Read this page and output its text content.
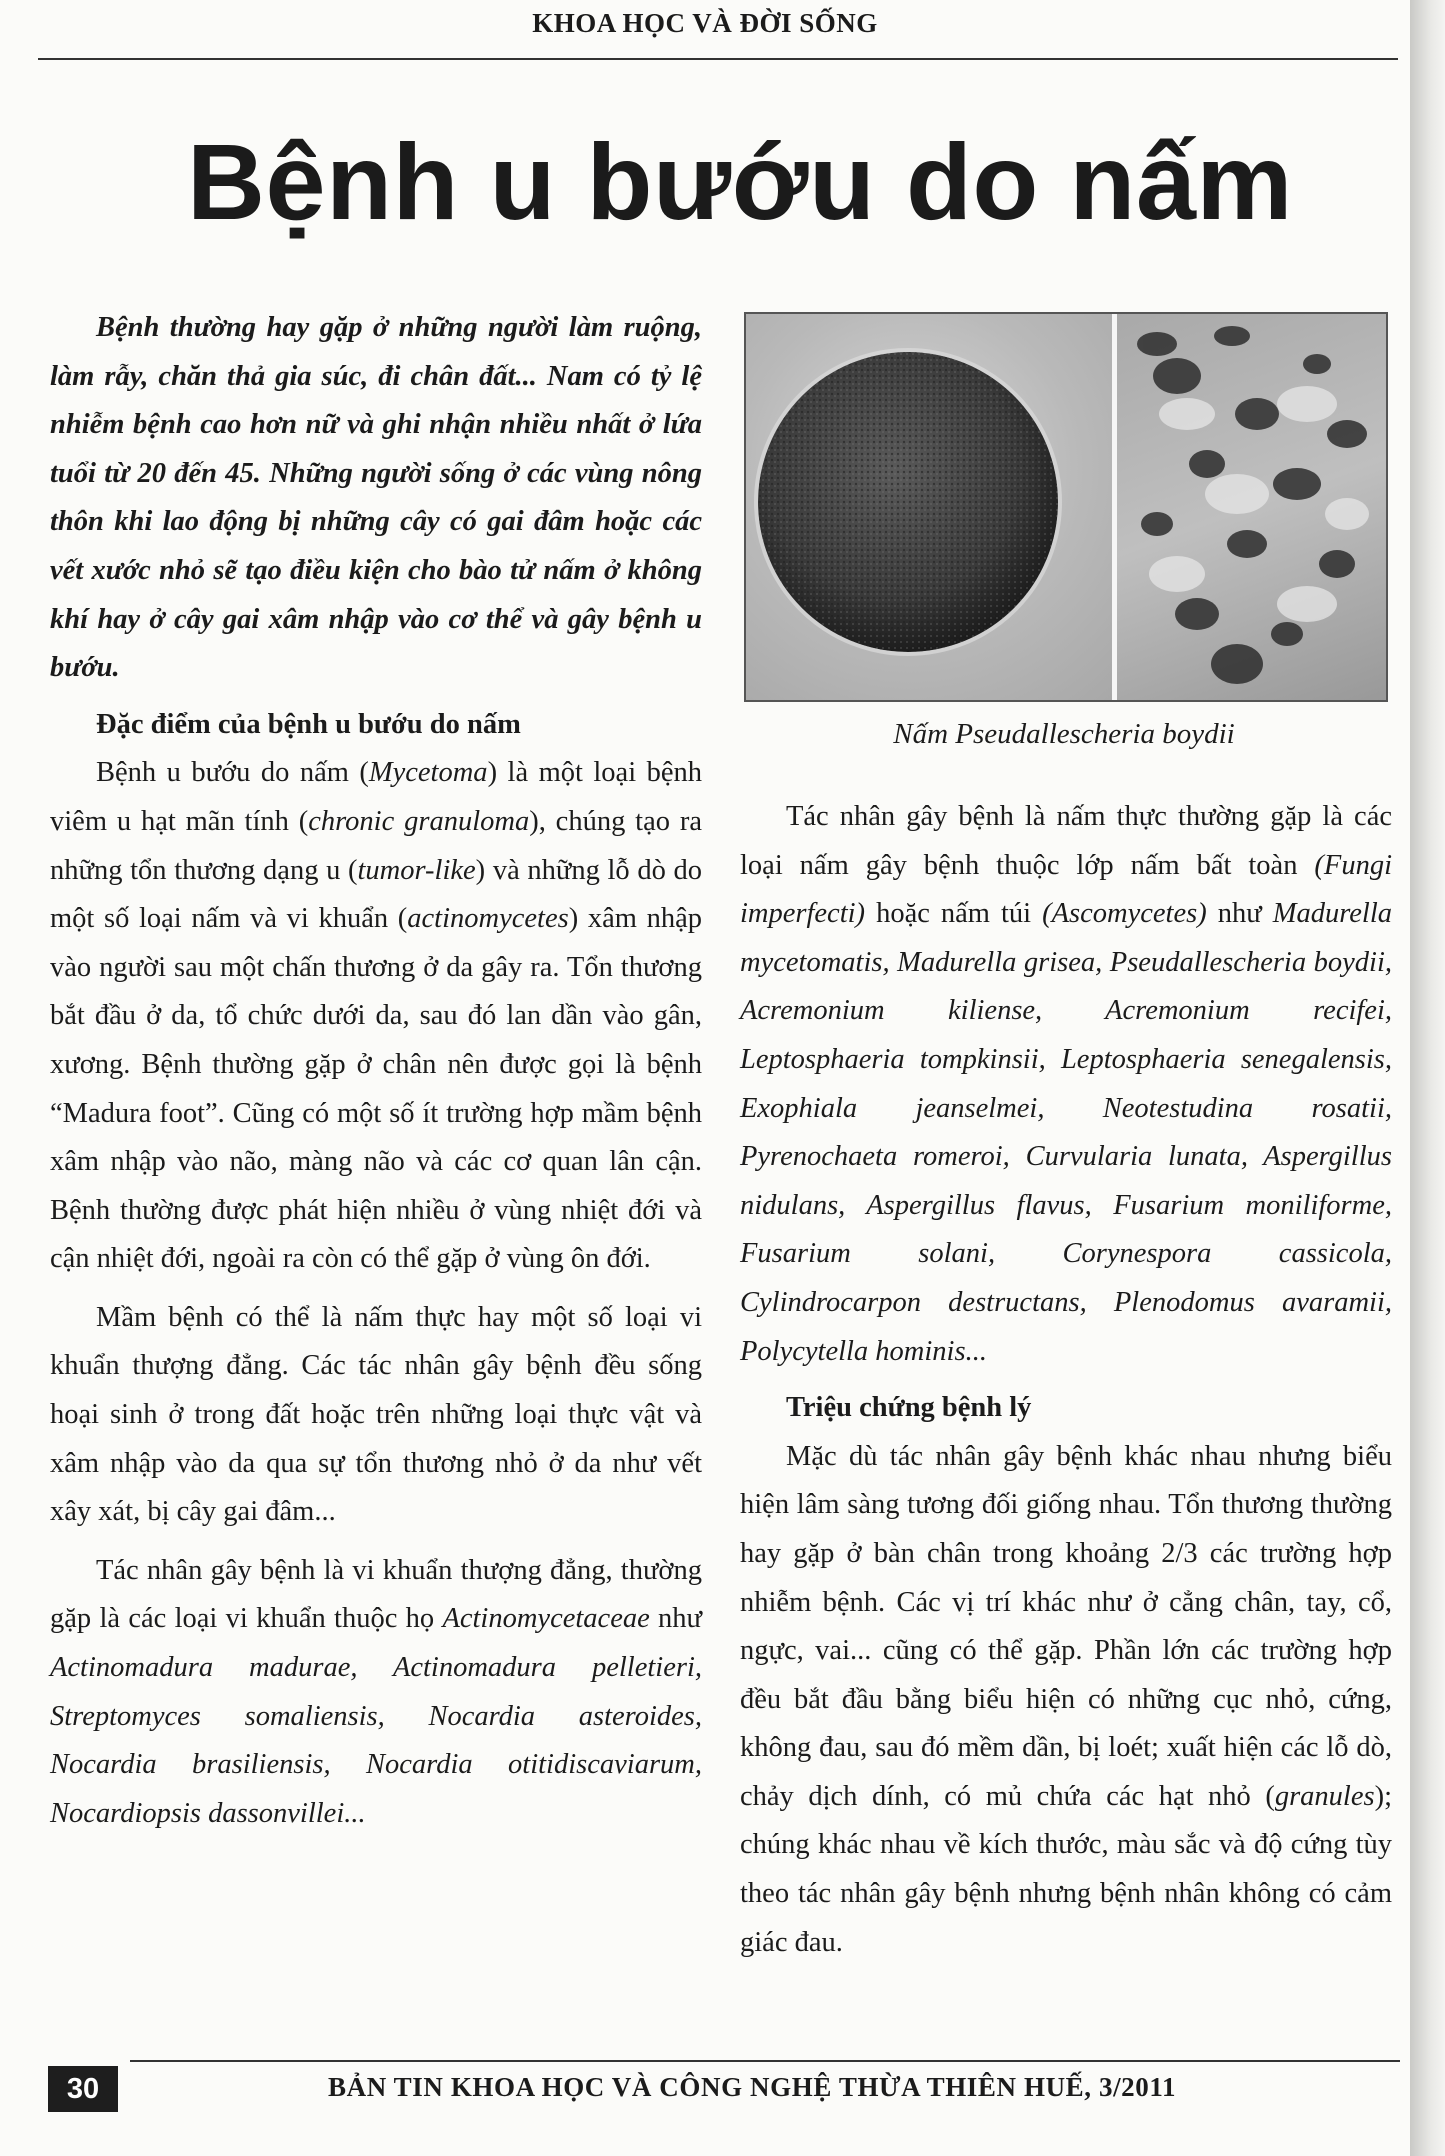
KHOA HỌC VÀ ĐỜI SỐNG
Bệnh u bướu do nấm

Bệnh thường hay gặp ở những người làm ruộng, làm rẫy, chăn thả gia súc, đi chân đất... Nam có tỷ lệ nhiễm bệnh cao hơn nữ và ghi nhận nhiều nhất ở lứa tuổi từ 20 đến 45. Những người sống ở các vùng nông thôn khi lao động bị những cây có gai đâm hoặc các vết xước nhỏ sẽ tạo điều kiện cho bào tử nấm ở không khí hay ở cây gai xâm nhập vào cơ thể và gây bệnh u bướu.

Đặc điểm của bệnh u bướu do nấm

Bệnh u bướu do nấm (Mycetoma) là một loại bệnh viêm u hạt mãn tính (chronic granuloma), chúng tạo ra những tổn thương dạng u (tumor-like) và những lỗ dò do một số loại nấm và vi khuẩn (actinomycetes) xâm nhập vào người sau một chấn thương ở da gây ra. Tổn thương bắt đầu ở da, tổ chức dưới da, sau đó lan dần vào gân, xương. Bệnh thường gặp ở chân nên được gọi là bệnh “Madura foot”. Cũng có một số ít trường hợp mầm bệnh xâm nhập vào não, màng não và các cơ quan lân cận. Bệnh thường được phát hiện nhiều ở vùng nhiệt đới và cận nhiệt đới, ngoài ra còn có thể gặp ở vùng ôn đới.

Mầm bệnh có thể là nấm thực hay một số loại vi khuẩn thượng đẳng. Các tác nhân gây bệnh đều sống hoại sinh ở trong đất hoặc trên những loại thực vật và xâm nhập vào da qua sự tổn thương nhỏ ở da như vết xây xát, bị cây gai đâm...

Tác nhân gây bệnh là vi khuẩn thượng đẳng, thường gặp là các loại vi khuẩn thuộc họ Actinomycetaceae như Actinomadura madurae, Actinomadura pelletieri, Streptomyces somaliensis, Nocardia asteroides, Nocardia brasiliensis, Nocardia otitidiscaviarum, Nocardiopsis dassonvillei...

Nấm Pseudallescheria boydii

Tác nhân gây bệnh là nấm thực thường gặp là các loại nấm gây bệnh thuộc lớp nấm bất toàn (Fungi imperfecti) hoặc nấm túi (Ascomycetes) như Madurella mycetomatis, Madurella grisea, Pseudallescheria boydii, Acremonium kiliense, Acremonium recifei, Leptosphaeria tompkinsii, Leptosphaeria senegalensis, Exophiala jeanselmei, Neotestudina rosatii, Pyrenochaeta romeroi, Curvularia lunata, Aspergillus nidulans, Aspergillus flavus, Fusarium moniliforme, Fusarium solani, Corynespora cassicola, Cylindrocarpon destructans, Plenodomus avaramii, Polycytella hominis...

Triệu chứng bệnh lý

Mặc dù tác nhân gây bệnh khác nhau nhưng biểu hiện lâm sàng tương đối giống nhau. Tổn thương thường hay gặp ở bàn chân trong khoảng 2/3 các trường hợp nhiễm bệnh. Các vị trí khác như ở cẳng chân, tay, cổ, ngực, vai... cũng có thể gặp. Phần lớn các trường hợp đều bắt đầu bằng biểu hiện có những cục nhỏ, cứng, không đau, sau đó mềm dần, bị loét; xuất hiện các lỗ dò, chảy dịch dính, có mủ chứa các hạt nhỏ (granules); chúng khác nhau về kích thước, màu sắc và độ cứng tùy theo tác nhân gây bệnh nhưng bệnh nhân không có cảm giác đau.

30	BẢN TIN KHOA HỌC VÀ CÔNG NGHỆ THỪA THIÊN HUẾ, 3/2011
